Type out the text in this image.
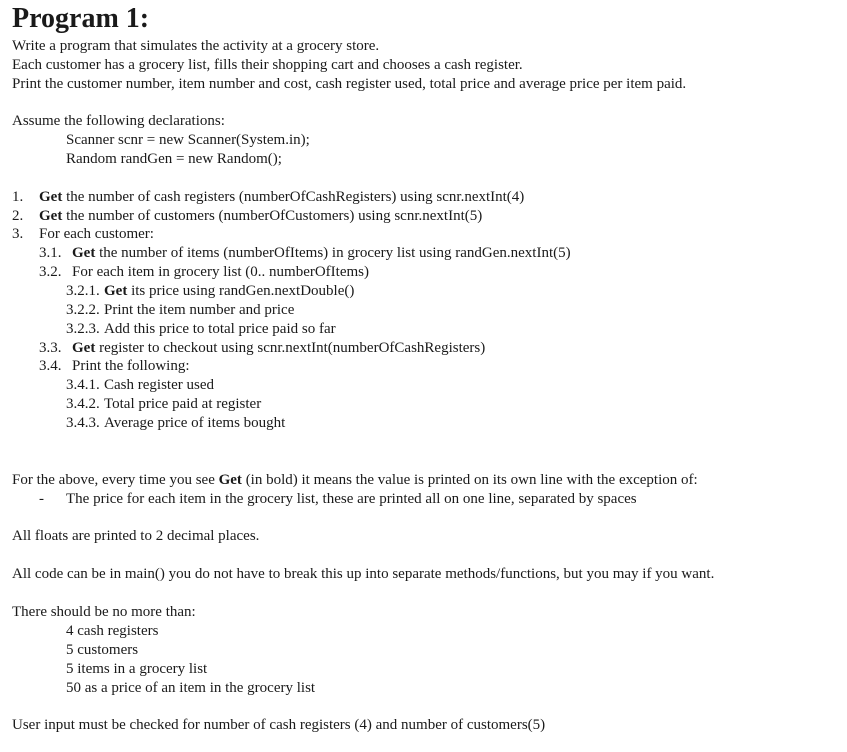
Program 1:
Write a program that simulates the activity at a grocery store.
Each customer has a grocery list, fills their shopping cart and chooses a cash register.
Print the customer number, item number and cost, cash register used, total price and average price per item paid.
Assume the following declarations:
Scanner scnr = new Scanner(System.in);
Random randGen = new Random();
1. Get the number of cash registers (numberOfCashRegisters) using scnr.nextInt(4)
2. Get the number of customers (numberOfCustomers) using scnr.nextInt(5)
3. For each customer:
3.1. Get the number of items (numberOfItems) in grocery list using randGen.nextInt(5)
3.2. For each item in grocery list (0.. numberOfItems)
3.2.1. Get its price using randGen.nextDouble()
3.2.2. Print the item number and price
3.2.3. Add this price to total price paid so far
3.3. Get register to checkout using scnr.nextInt(numberOfCashRegisters)
3.4. Print the following:
3.4.1. Cash register used
3.4.2. Total price paid at register
3.4.3. Average price of items bought
For the above, every time you see Get (in bold) it means the value is printed on its own line with the exception of:
- The price for each item in the grocery list, these are printed all on one line, separated by spaces
All floats are printed to 2 decimal places.
All code can be in main() you do not have to break this up into separate methods/functions, but you may if you want.
There should be no more than:
4 cash registers
5 customers
5 items in a grocery list
50 as a price of an item in the grocery list
User input must be checked for number of cash registers (4) and number of customers(5)
